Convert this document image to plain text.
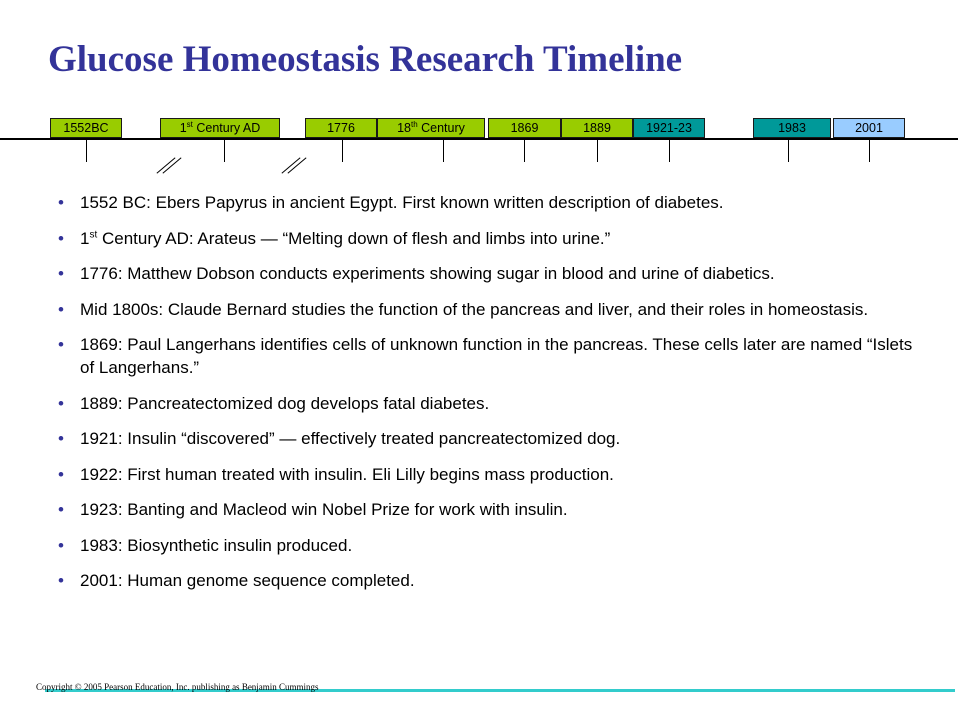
Glucose Homeostasis Research Timeline
1552BC	1st Century AD	1776	18th Century	1869	1889	1921-23	1983	2001
• 1552 BC: Ebers Papyrus in ancient Egypt. First known written description of diabetes.
• 1st Century AD: Arateus — “Melting down of flesh and limbs into urine.”
• 1776: Matthew Dobson conducts experiments showing sugar in blood and urine of diabetics.
• Mid 1800s: Claude Bernard studies the function of the pancreas and liver, and their roles in homeostasis.
• 1869: Paul Langerhans identifies cells of unknown function in the pancreas. These cells later are named “Islets of Langerhans.”
• 1889: Pancreatectomized dog develops fatal diabetes.
• 1921: Insulin “discovered” — effectively treated pancreatectomized dog.
• 1922: First human treated with insulin. Eli Lilly begins mass production.
• 1923: Banting and Macleod win Nobel Prize for work with insulin.
• 1983: Biosynthetic insulin produced.
• 2001: Human genome sequence completed.
Copyright © 2005 Pearson Education, Inc. publishing as Benjamin Cummings
